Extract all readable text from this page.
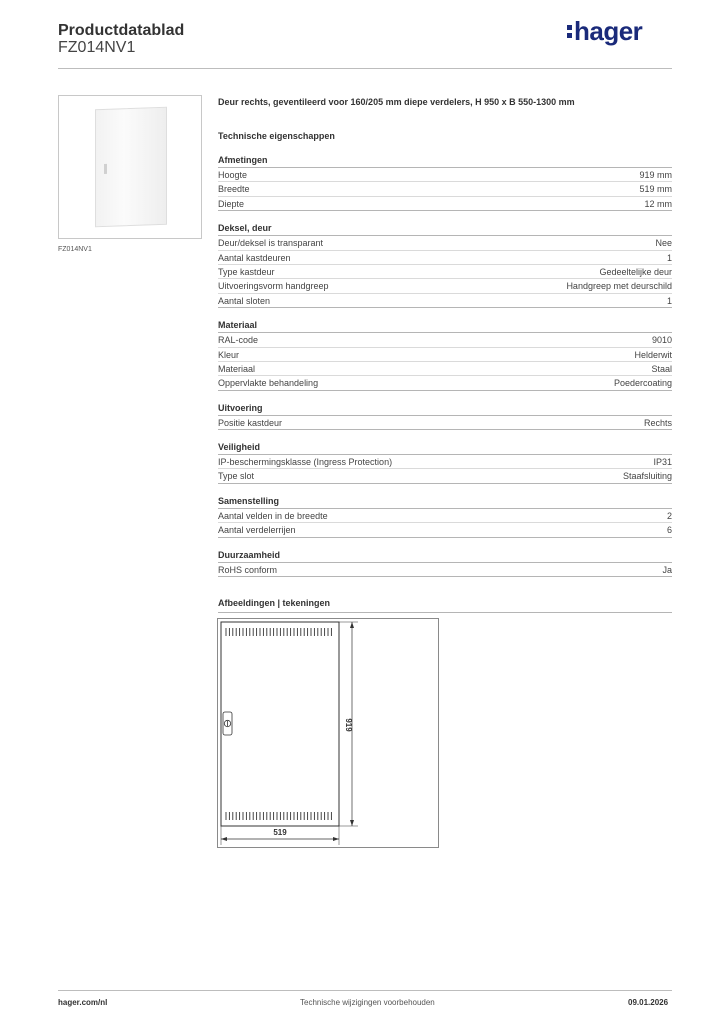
Productdatablad
FZ014NV1
hager
FZ014NV1
Deur rechts, geventileerd voor 160/205 mm diepe verdelers, H 950 x B 550-1300 mm
Technische eigenschappen
Afmetingen
Hoogte	919 mm
Breedte	519 mm
Diepte	12 mm
Deksel, deur
Deur/deksel is transparant	Nee
Aantal kastdeuren	1
Type kastdeur	Gedeeltelijke deur
Uitvoeringsvorm handgreep	Handgreep met deurschild
Aantal sloten	1
Materiaal
RAL-code	9010
Kleur	Helderwit
Materiaal	Staal
Oppervlakte behandeling	Poedercoating
Uitvoering
Positie kastdeur	Rechts
Veiligheid
IP-beschermingsklasse (Ingress Protection)	IP31
Type slot	Staafsluiting
Samenstelling
Aantal velden in de breedte	2
Aantal verdelerrijen	6
Duurzaamheid
RoHS conform	Ja
Afbeeldingen | tekeningen
919
519
hager.com/nl	Technische wijzigingen voorbehouden	09.01.2026
